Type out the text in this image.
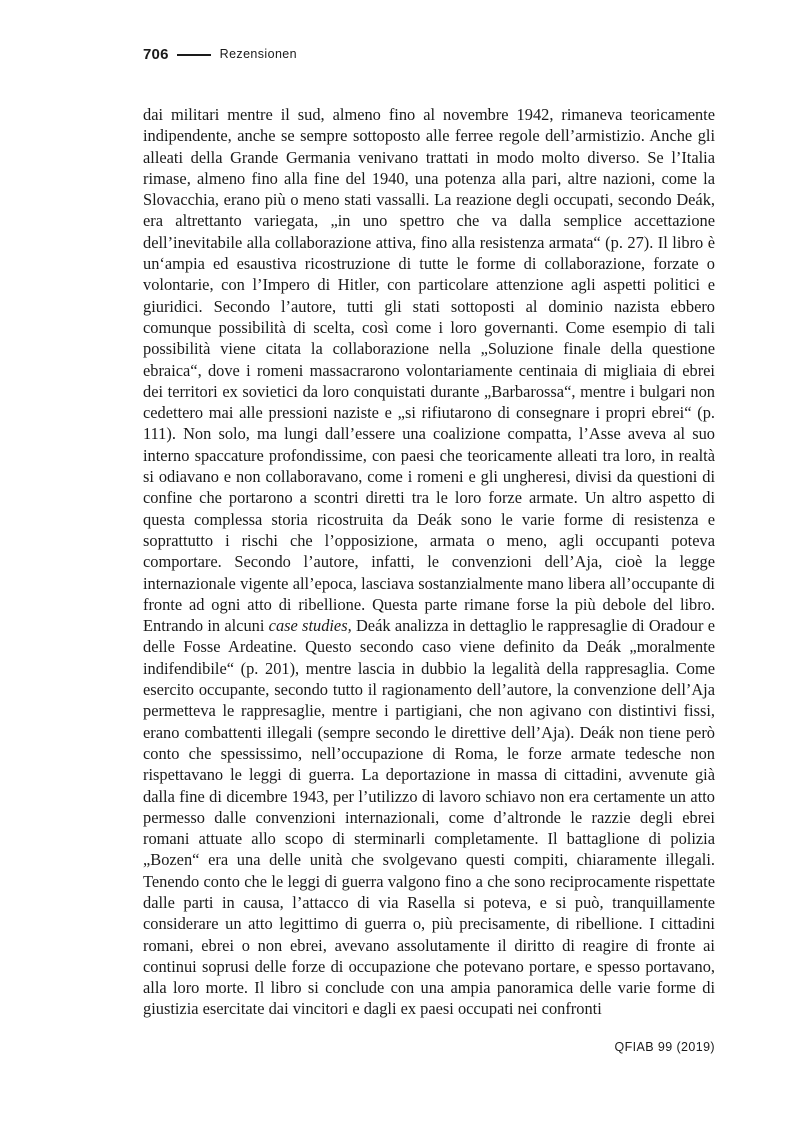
706	Rezensionen

dai militari mentre il sud, almeno fino al novembre 1942, rimaneva teoricamente indipendente, anche se sempre sottoposto alle ferree regole dell’armistizio. Anche gli alleati della Grande Germania venivano trattati in modo molto diverso. Se l’Italia rimase, almeno fino alla fine del 1940, una potenza alla pari, altre nazioni, come la Slovacchia, erano più o meno stati vassalli. La reazione degli occupati, secondo Deák, era altrettanto variegata, „in uno spettro che va dalla semplice accettazione dell’inevitabile alla collaborazione attiva, fino alla resistenza armata“ (p. 27). Il libro è un‘ampia ed esaustiva ricostruzione di tutte le forme di collaborazione, forzate o volontarie, con l’Impero di Hitler, con particolare attenzione agli aspetti politici e giuridici. Secondo l’autore, tutti gli stati sottoposti al dominio nazista ebbero comunque possibilità di scelta, così come i loro governanti. Come esempio di tali possibilità viene citata la collaborazione nella „Soluzione finale della questione ebraica“, dove i romeni massacrarono volontariamente centinaia di migliaia di ebrei dei territori ex sovietici da loro conquistati durante „Barbarossa“, mentre i bulgari non cedettero mai alle pressioni naziste e „si rifiutarono di consegnare i propri ebrei“ (p. 111). Non solo, ma lungi dall’essere una coalizione compatta, l’Asse aveva al suo interno spaccature profondissime, con paesi che teoricamente alleati tra loro, in realtà si odiavano e non collaboravano, come i romeni e gli ungheresi, divisi da questioni di confine che portarono a scontri diretti tra le loro forze armate. Un altro aspetto di questa complessa storia ricostruita da Deák sono le varie forme di resistenza e soprattutto i rischi che l’opposizione, armata o meno, agli occupanti poteva comportare. Secondo l’autore, infatti, le convenzioni dell’Aja, cioè la legge internazionale vigente all’epoca, lasciava sostanzialmente mano libera all’occupante di fronte ad ogni atto di ribellione. Questa parte rimane forse la più debole del libro. Entrando in alcuni case studies, Deák analizza in dettaglio le rappresaglie di Oradour e delle Fosse Ardeatine. Questo secondo caso viene definito da Deák „moralmente indifendibile“ (p. 201), mentre lascia in dubbio la legalità della rappresaglia. Come esercito occupante, secondo tutto il ragionamento dell’autore, la convenzione dell’Aja permetteva le rappresaglie, mentre i partigiani, che non agivano con distintivi fissi, erano combattenti illegali (sempre secondo le direttive dell’Aja). Deák non tiene però conto che spessissimo, nell’occupazione di Roma, le forze armate tedesche non rispettavano le leggi di guerra. La deportazione in massa di cittadini, avvenute già dalla fine di dicembre 1943, per l’utilizzo di lavoro schiavo non era certamente un atto permesso dalle convenzioni internazionali, come d’altronde le razzie degli ebrei romani attuate allo scopo di sterminarli completamente. Il battaglione di polizia „Bozen“ era una delle unità che svolgevano questi compiti, chiaramente illegali. Tenendo conto che le leggi di guerra valgono fino a che sono reciprocamente rispettate dalle parti in causa, l’attacco di via Rasella si poteva, e si può, tranquillamente considerare un atto legittimo di guerra o, più precisamente, di ribellione. I cittadini romani, ebrei o non ebrei, avevano assolutamente il diritto di reagire di fronte ai continui soprusi delle forze di occupazione che potevano portare, e spesso portavano, alla loro morte. Il libro si conclude con una ampia panoramica delle varie forme di giustizia esercitate dai vincitori e dagli ex paesi occupati nei confronti

QFIAB 99 (2019)
